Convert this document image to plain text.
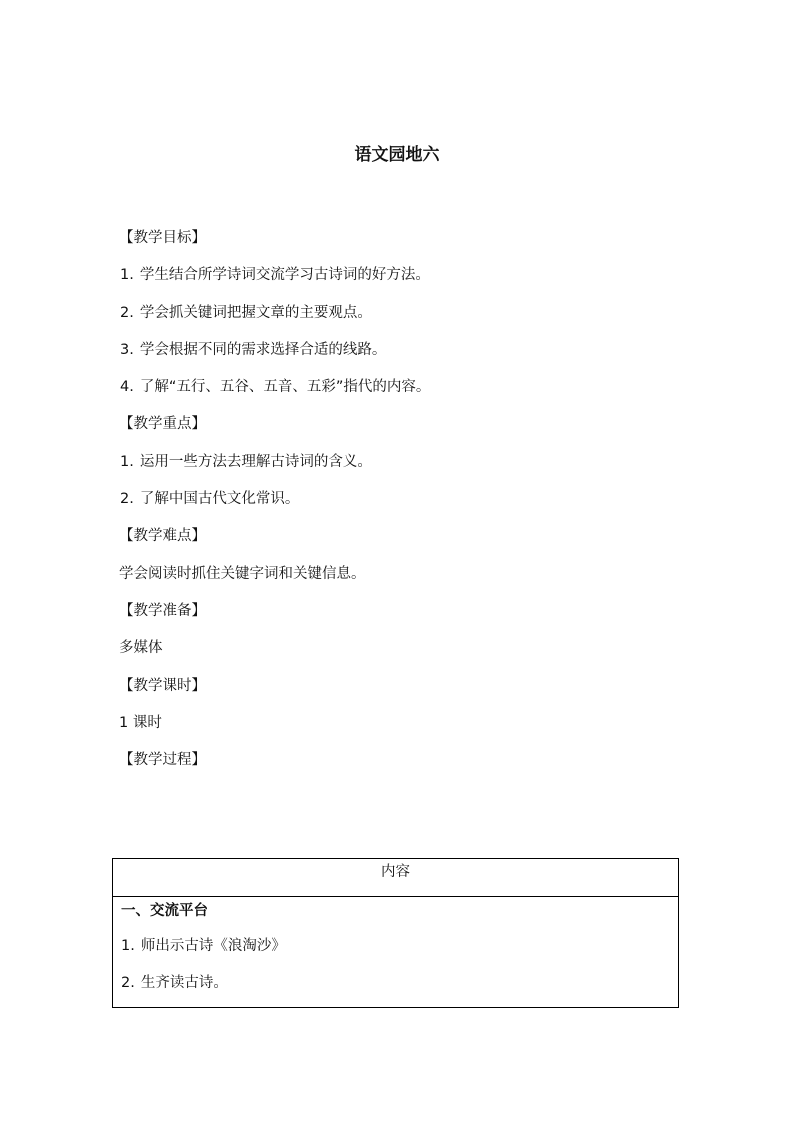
语文园地六
【教学目标】
1. 学生结合所学诗词交流学习古诗词的好方法。
2. 学会抓关键词把握文章的主要观点。
3. 学会根据不同的需求选择合适的线路。
4. 了解“五行、五谷、五音、五彩”指代的内容。
【教学重点】
1. 运用一些方法去理解古诗词的含义。
2. 了解中国古代文化常识。
【教学难点】
学会阅读时抓住关键字词和关键信息。
【教学准备】
多媒体
【教学课时】
1 课时
【教学过程】
内容
一、交流平台
1. 师出示古诗《浪淘沙》
2. 生齐读古诗。
